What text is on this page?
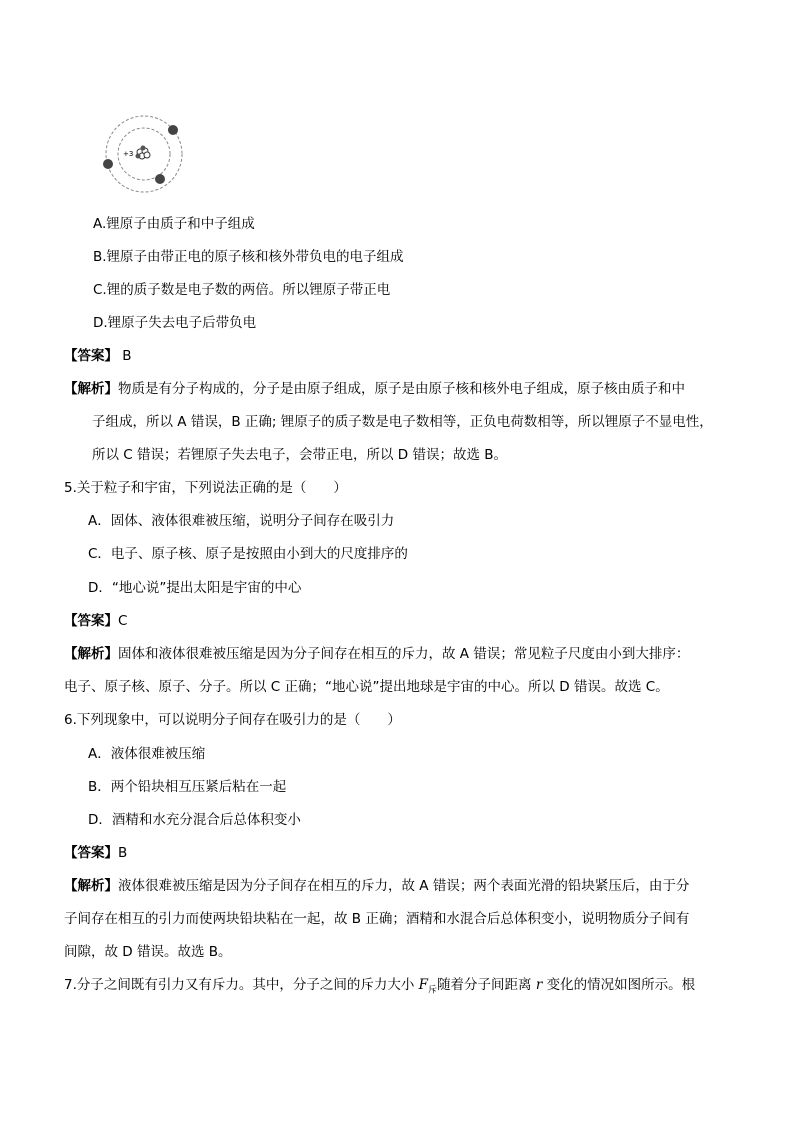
+3
A.锂原子由质子和中子组成
B.锂原子由带正电的原子核和核外带负电的电子组成
C.锂的质子数是电子数的两倍。所以锂原子带正电
D.锂原子失去电子后带负电
【答案】 B
【解析】物质是有分子构成的，分子是由原子组成，原子是由原子核和核外电子组成，原子核由质子和中
子组成，所以 A 错误，B 正确; 锂原子的质子数是电子数相等，正负电荷数相等，所以锂原子不显电性，
所以 C 错误；若锂原子失去电子，会带正电，所以 D 错误；故选 B。
5.关于粒子和宇宙，下列说法正确的是（　　）
A．固体、液体很难被压缩，说明分子间存在吸引力
C．电子、原子核、原子是按照由小到大的尺度排序的
D．“地心说”提出太阳是宇宙的中心
【答案】C
【解析】固体和液体很难被压缩是因为分子间存在相互的斥力，故 A 错误；常见粒子尺度由小到大排序：
电子、原子核、原子、分子。所以 C 正确；“地心说”提出地球是宇宙的中心。所以 D 错误。故选 C。
6.下列现象中，可以说明分子间存在吸引力的是（　　）
A．液体很难被压缩
B．两个铅块相互压紧后粘在一起
D．酒精和水充分混合后总体积变小
【答案】B
【解析】液体很难被压缩是因为分子间存在相互的斥力，故 A 错误；两个表面光滑的铅块紧压后，由于分
子间存在相互的引力而使两块铅块粘在一起，故 B 正确；酒精和水混合后总体积变小，说明物质分子间有
间隙，故 D 错误。故选 B。
7.分子之间既有引力又有斥力。其中，分子之间的斥力大小 $F_斥$随着分子间距离 r 变化的情况如图所示。根
